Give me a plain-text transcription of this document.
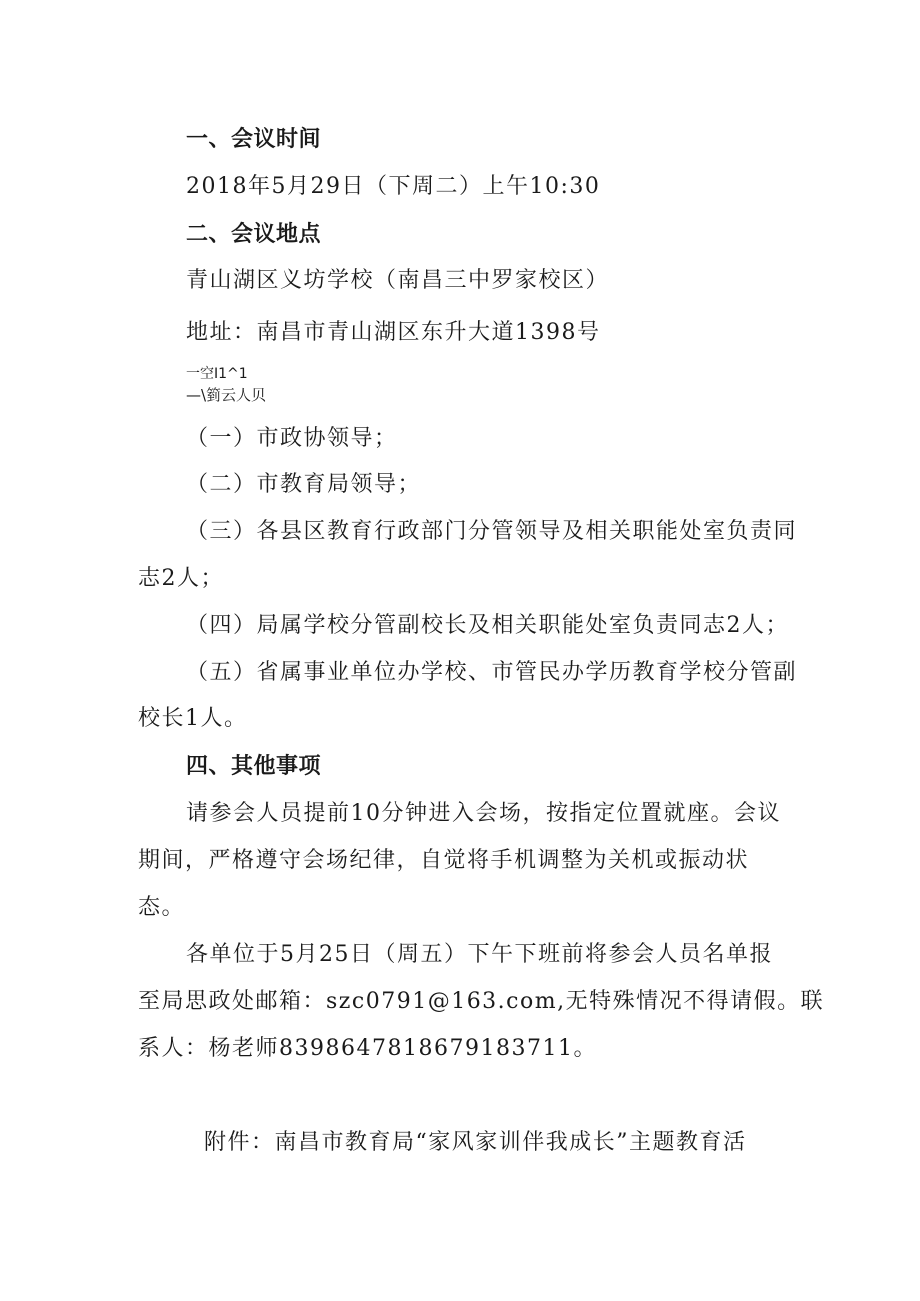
一、会议时间
2018年5月29日（下周二）上午10:30
二、会议地点
青山湖区义坊学校（南昌三中罗家校区）
地址：南昌市青山湖区东升大道1398号
一空I1^1
—\箌云人贝
（一）市政协领导；
（二）市教育局领导；
（三）各县区教育行政部门分管领导及相关职能处室负责同
志2人；
（四）局属学校分管副校长及相关职能处室负责同志2人；
（五）省属事业单位办学校、市管民办学历教育学校分管副
校长1人。
四、其他事项
请参会人员提前10分钟进入会场，按指定位置就座。会议
期间，严格遵守会场纪律，自觉将手机调整为关机或振动状
态。
各单位于5月25日（周五）下午下班前将参会人员名单报
至局思政处邮箱：szc0791@163.com,无特殊情况不得请假。联
系人：杨老师8398647818679183711。
附件：南昌市教育局“家风家训伴我成长”主题教育活
